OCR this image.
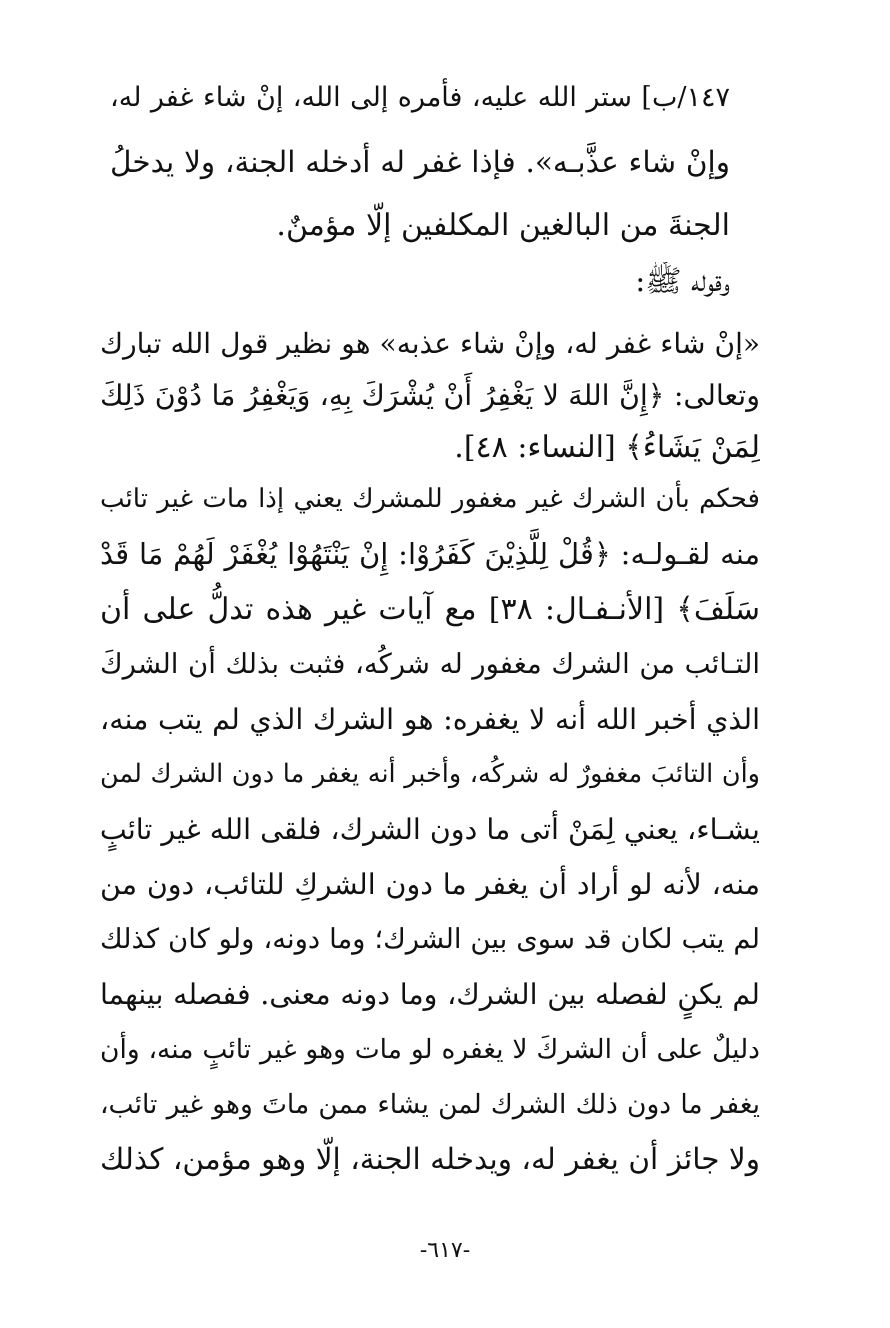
١٤٧/ب] ستر الله عليه، فأمره إلى الله، إنْ شاء غفر له،
وإنْ شاء عذَّبـه». فإذا غفر له أدخله الجنة، ولا يدخلُ
الجنةَ من البالغين المكلفين إلّا مؤمنٌ.
وقوله ﷺ:
«إنْ شاء غفر له، وإنْ شاء عذبه» هو نظير قول الله تبارك
وتعالى: ﴿إِنَّ اللهَ لا يَغْفِرُ أَنْ يُشْرَكَ بِهِ، وَيَغْفِرُ مَا دُوْنَ ذَلِكَ
لِمَنْ يَشَاءُ﴾ [النساء: ٤٨].
فحكم بأن الشرك غير مغفور للمشرك يعني إذا مات غير تائب
منه لقـولـه: ﴿قُلْ لِلَّذِيْنَ كَفَرُوْا: إِنْ يَنْتَهُوْا يُغْفَرْ لَهُمْ مَا قَدْ
سَلَفَ﴾ [الأنـفـال: ٣٨] مع آيات غير هذه تدلُّ على أن
التـائب من الشرك مغفور له شركُه، فثبت بذلك أن الشركَ
الذي أخبر الله أنه لا يغفره: هو الشرك الذي لم يتب منه،
وأن التائبَ مغفورٌ له شركُه، وأخبر أنه يغفر ما دون الشرك لمن
يشـاء، يعني لِمَنْ أتى ما دون الشرك، فلقى الله غير تائبٍ
منه، لأنه لو أراد أن يغفر ما دون الشركِ للتائب، دون من
لم يتب لكان قد سوى بين الشرك؛ وما دونه، ولو كان كذلك
لم يكنٍ لفصله بين الشرك، وما دونه معنى. ففصله بينهما
دليلٌ على أن الشركَ لا يغفره لو مات وهو غير تائبٍ منه، وأن
يغفر ما دون ذلك الشرك لمن يشاء ممن ماتَ وهو غير تائب،
ولا جائز أن يغفر له، ويدخله الجنة، إلّا وهو مؤمن، كذلك
-٦١٧-
